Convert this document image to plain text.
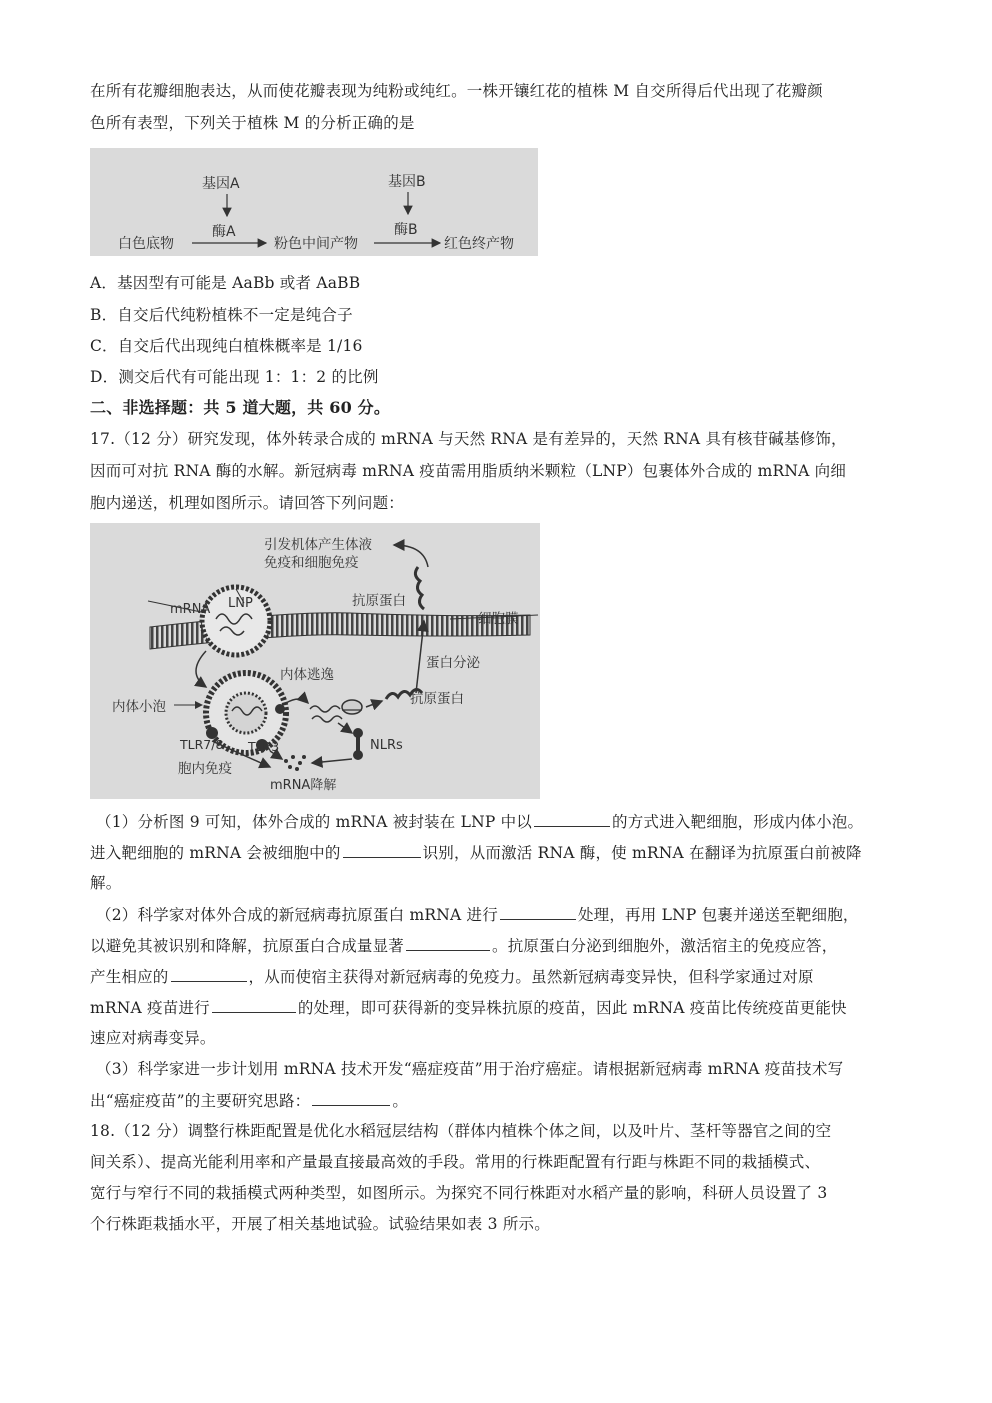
在所有花瓣细胞表达，从而使花瓣表现为纯粉或纯红。一株开镶红花的植株 M 自交所得后代出现了花瓣颜
色所有表型，下列关于植株 M 的分析正确的是
基因A
酶A
基因B
酶B
白色底物	粉色中间产物	红色终产物
A．基因型有可能是 AaBb 或者 AaBB
B．自交后代纯粉植株不一定是纯合子
C．自交后代出现纯白植株概率是 1/16
D．测交后代有可能出现 1：1：2 的比例
二、非选择题：共 5 道大题，共 60 分。
17.（12 分）研究发现，体外转录合成的 mRNA 与天然 RNA 是有差异的，天然 RNA 具有核苷碱基修饰，
因而可对抗 RNA 酶的水解。新冠病毒 mRNA 疫苗需用脂质纳米颗粒（LNP）包裹体外合成的 mRNA 向细
胞内递送，机理如图所示。请回答下列问题：
引发机体产生体液
免疫和细胞免疫
抗原蛋白
细胞膜
mRNA LNP
蛋白分泌
内体逃逸
内体小泡	抗原蛋白
TLR7/8 TLR3	NLRs
胞内免疫
mRNA降解
（1）分析图 9 可知，体外合成的 mRNA 被封装在 LNP 中以	的方式进入靶细胞，形成内体小泡。
进入靶细胞的 mRNA 会被细胞中的	识别，从而激活 RNA 酶，使 mRNA 在翻译为抗原蛋白前被降
解。
（2）科学家对体外合成的新冠病毒抗原蛋白 mRNA 进行	处理，再用 LNP 包裹并递送至靶细胞，
以避免其被识别和降解，抗原蛋白合成量显著	。抗原蛋白分泌到细胞外，激活宿主的免疫应答，
产生相应的	，从而使宿主获得对新冠病毒的免疫力。虽然新冠病毒变异快，但科学家通过对原
mRNA 疫苗进行	的处理，即可获得新的变异株抗原的疫苗，因此 mRNA 疫苗比传统疫苗更能快
速应对病毒变异。
（3）科学家进一步计划用 mRNA 技术开发“癌症疫苗”用于治疗癌症。请根据新冠病毒 mRNA 疫苗技术写
出“癌症疫苗”的主要研究思路：	。
18.（12 分）调整行株距配置是优化水稻冠层结构（群体内植株个体之间，以及叶片、茎杆等器官之间的空
间关系）、提高光能利用率和产量最直接最高效的手段。常用的行株距配置有行距与株距不同的栽插模式、
宽行与窄行不同的栽插模式两种类型，如图所示。为探究不同行株距对水稻产量的影响，科研人员设置了 3
个行株距栽插水平，开展了相关基地试验。试验结果如表 3 所示。
